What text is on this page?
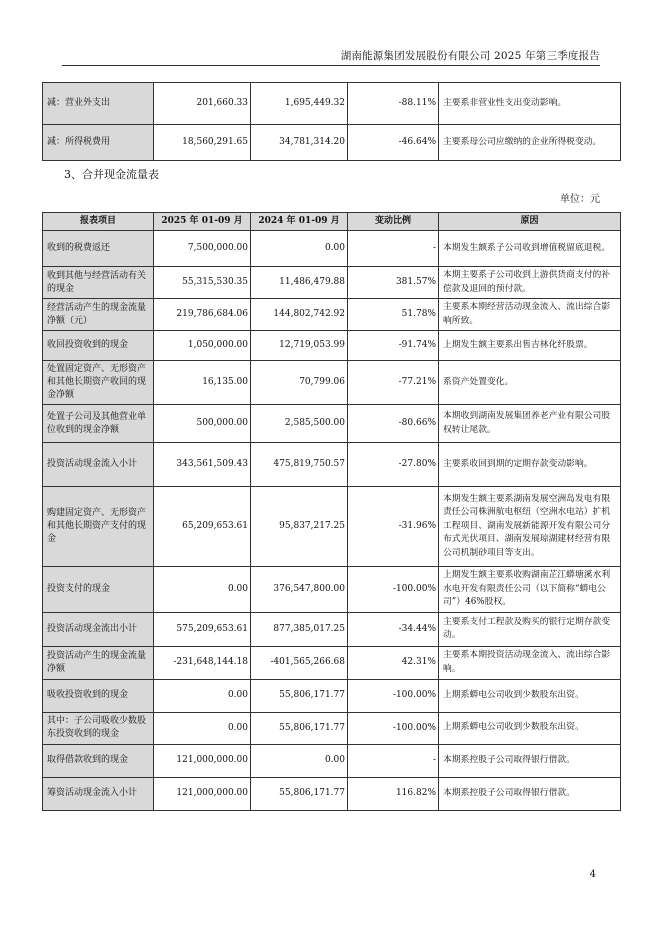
湖南能源集团发展股份有限公司 2025 年第三季度报告
减：营业外支出	201,660.33	1,695,449.32	-88.11%	主要系非营业性支出变动影响。
减：所得税费用	18,560,291.65	34,781,314.20	-46.64%	主要系母公司应缴纳的企业所得税变动。
3、合并现金流量表
单位：元
报表项目	2025 年 01-09 月	2024 年 01-09 月	变动比例	原因
收到的税费返还	7,500,000.00	0.00	-	本期发生额系子公司收到增值税留底退税。
收到其他与经营活动有关的现金	55,315,530.35	11,486,479.88	381.57%	本期主要系子公司收到上游供货商支付的补偿款及退回的预付款。
经营活动产生的现金流量净额（元）	219,786,684.06	144,802,742.92	51.78%	主要系本期经营活动现金流入、流出综合影响所致。
收回投资收到的现金	1,050,000.00	12,719,053.99	-91.74%	上期发生额主要系出售吉林化纤股票。
处置固定资产、无形资产和其他长期资产收回的现金净额	16,135.00	70,799.06	-77.21%	系资产处置变化。
处置子公司及其他营业单位收到的现金净额	500,000.00	2,585,500.00	-80.66%	本期收到湖南发展集团养老产业有限公司股权转让尾款。
投资活动现金流入小计	343,561,509.43	475,819,750.57	-27.80%	主要系收回到期的定期存款变动影响。
购建固定资产、无形资产和其他长期资产支付的现金	65,209,653.61	95,837,217.25	-31.96%	本期发生额主要系湖南发展空洲岛发电有限责任公司株洲航电枢纽（空洲水电站）扩机工程项目、湖南发展新能源开发有限公司分布式光伏项目、湖南发展琼湖建材经营有限公司机制砂项目等支出。
投资支付的现金	0.00	376,547,800.00	-100.00%	上期发生额主要系收购湖南芷江蟒塘溪水利水电开发有限责任公司（以下简称“蟒电公司”）46%股权。
投资活动现金流出小计	575,209,653.61	877,385,017.25	-34.44%	主要系支付工程款及购买的银行定期存款变动。
投资活动产生的现金流量净额	-231,648,144.18	-401,565,266.68	42.31%	主要系本期投资活动现金流入、流出综合影响。
吸收投资收到的现金	0.00	55,806,171.77	-100.00%	上期系蟒电公司收到少数股东出资。
其中：子公司吸收少数股东投资收到的现金	0.00	55,806,171.77	-100.00%	上期系蟒电公司收到少数股东出资。
取得借款收到的现金	121,000,000.00	0.00	-	本期系控股子公司取得银行借款。
筹资活动现金流入小计	121,000,000.00	55,806,171.77	116.82%	本期系控股子公司取得银行借款。
4
